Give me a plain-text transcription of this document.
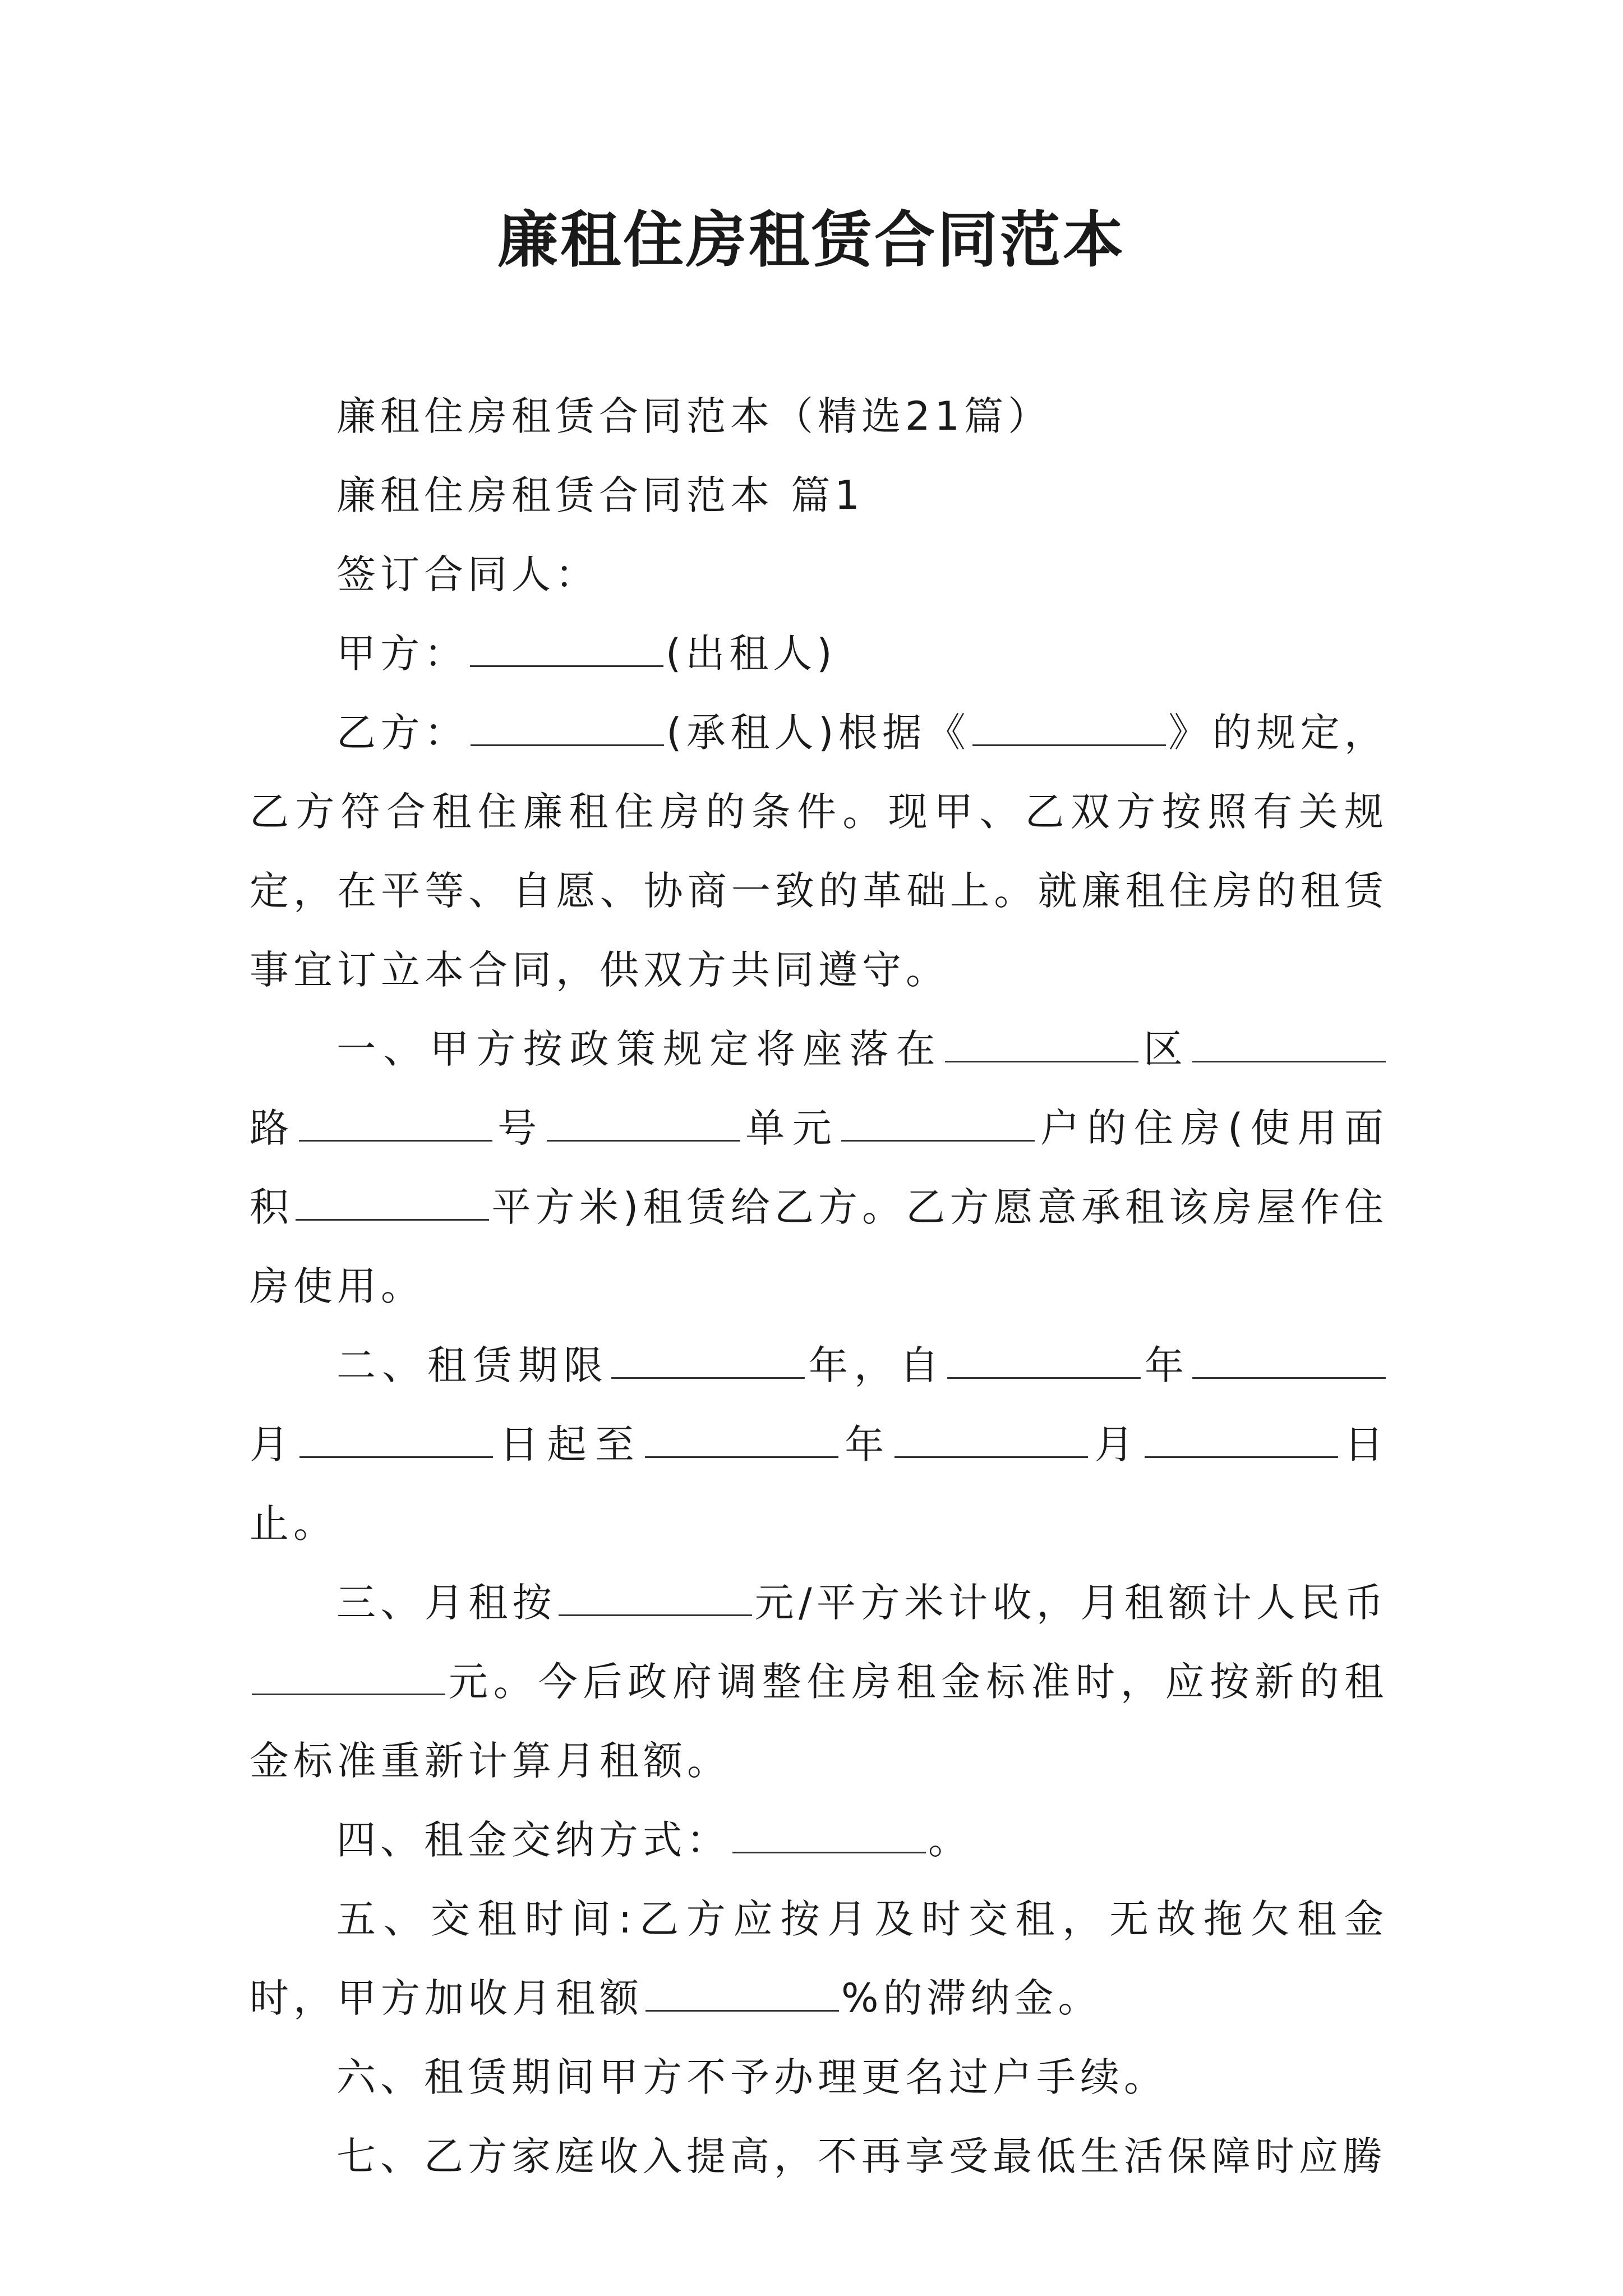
廉租住房租赁合同范本

廉租住房租赁合同范本（精选21篇）

廉租住房租赁合同范本 篇1

签订合同人：

甲方：	(出租人)

乙方：	(承租人)根据《	》的规定，乙方符合租住廉租住房的条件。现甲、乙双方按照有关规定，在平等、自愿、协商一致的革础上。就廉租住房的租赁事宜订立本合同，供双方共同遵守。

一、甲方按政策规定将座落在	区路	号	单元	户的住房(使用面积	平方米)租赁给乙方。乙方愿意承租该房屋作住房使用。

二、租赁期限	年，自	年月	日起至	年	月	日止。

三、月租按	元/平方米计收，月租额计人民币元。今后政府调整住房租金标准时，应按新的租金标准重新计算月租额。

四、租金交纳方式：	。

五、交租时间:乙方应按月及时交租，无故拖欠租金时，甲方加收月租额	%的滞纳金。

六、租赁期间甲方不予办理更名过户手续。

七、乙方家庭收入提高，不再享受最低生活保障时应腾
